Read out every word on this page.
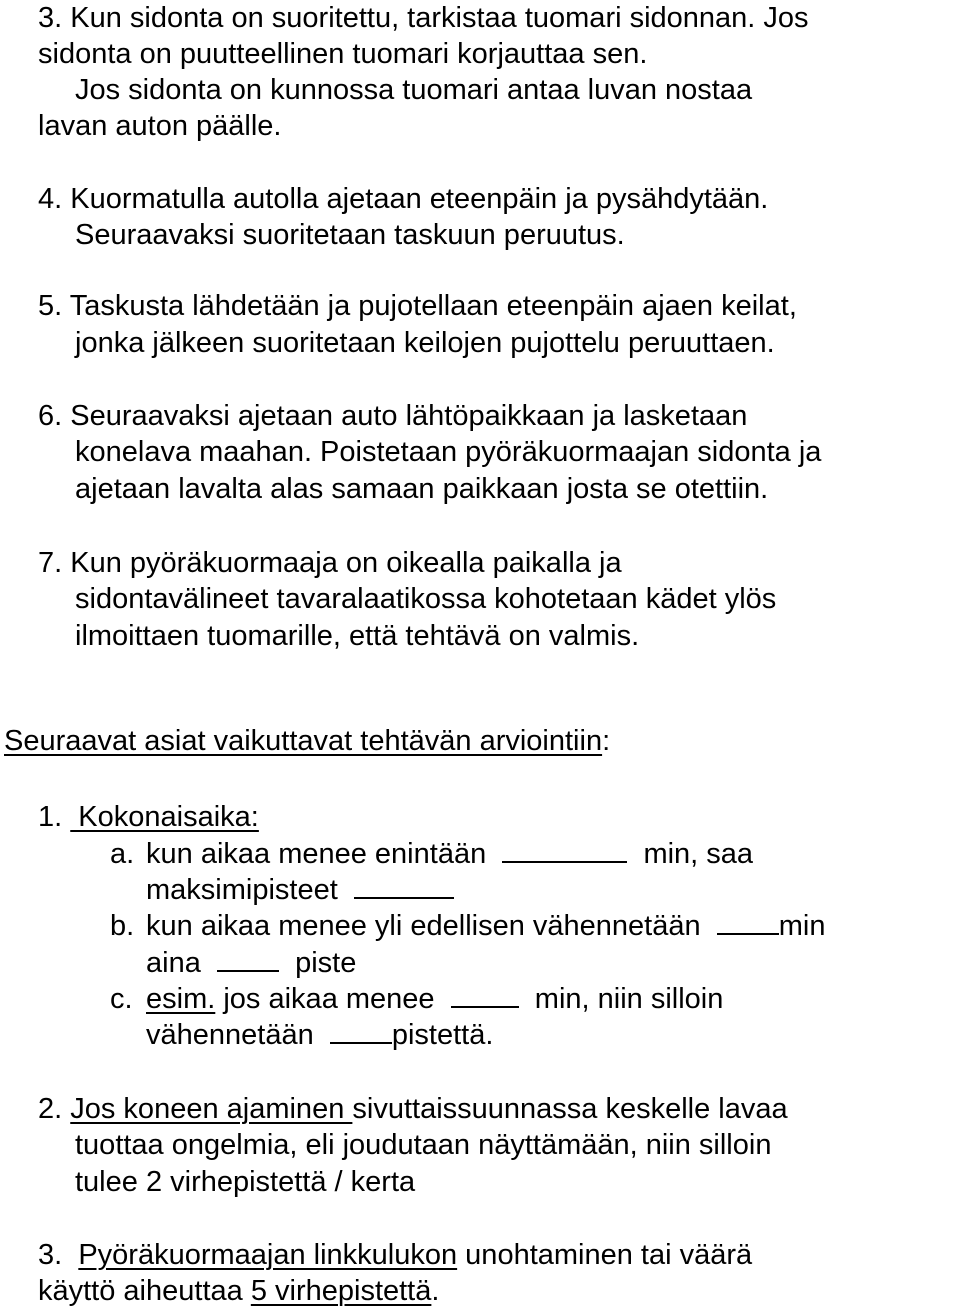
3. Kun sidonta on suoritettu, tarkistaa tuomari sidonnan. Jos
sidonta on puutteellinen tuomari korjauttaa sen.
Jos sidonta on kunnossa tuomari antaa luvan nostaa
lavan auton päälle.
4. Kuormatulla autolla ajetaan eteenpäin ja pysähdytään.
Seuraavaksi suoritetaan taskuun peruutus.
5. Taskusta lähdetään ja pujotellaan eteenpäin ajaen keilat,
jonka jälkeen suoritetaan keilojen pujottelu peruuttaen.
6. Seuraavaksi ajetaan auto lähtöpaikkaan ja lasketaan
konelava maahan. Poistetaan pyöräkuormaajan sidonta ja
ajetaan lavalta alas samaan paikkaan josta se otettiin.
7. Kun pyöräkuormaaja on oikealla paikalla ja
sidontavälineet tavaralaatikossa kohotetaan kädet ylös
ilmoittaen tuomarille, että tehtävä on valmis.
Seuraavat asiat vaikuttavat tehtävän arviointiin:
1.  Kokonaisaika:
a. kun aikaa menee enintään	min, saa
maksimipisteet
b. kun aikaa menee yli edellisen vähennetään	min
aina	piste
c. esim. jos aikaa menee	min, niin silloin
vähennetään	pistettä.
2. Jos koneen ajaminen sivuttaissuunnassa keskelle lavaa
tuottaa ongelmia, eli joudutaan näyttämään, niin silloin
tulee 2 virhepistettä / kerta
3. Pyöräkuormaajan linkkulukon unohtaminen tai väärä
käyttö aiheuttaa 5 virhepistettä.
